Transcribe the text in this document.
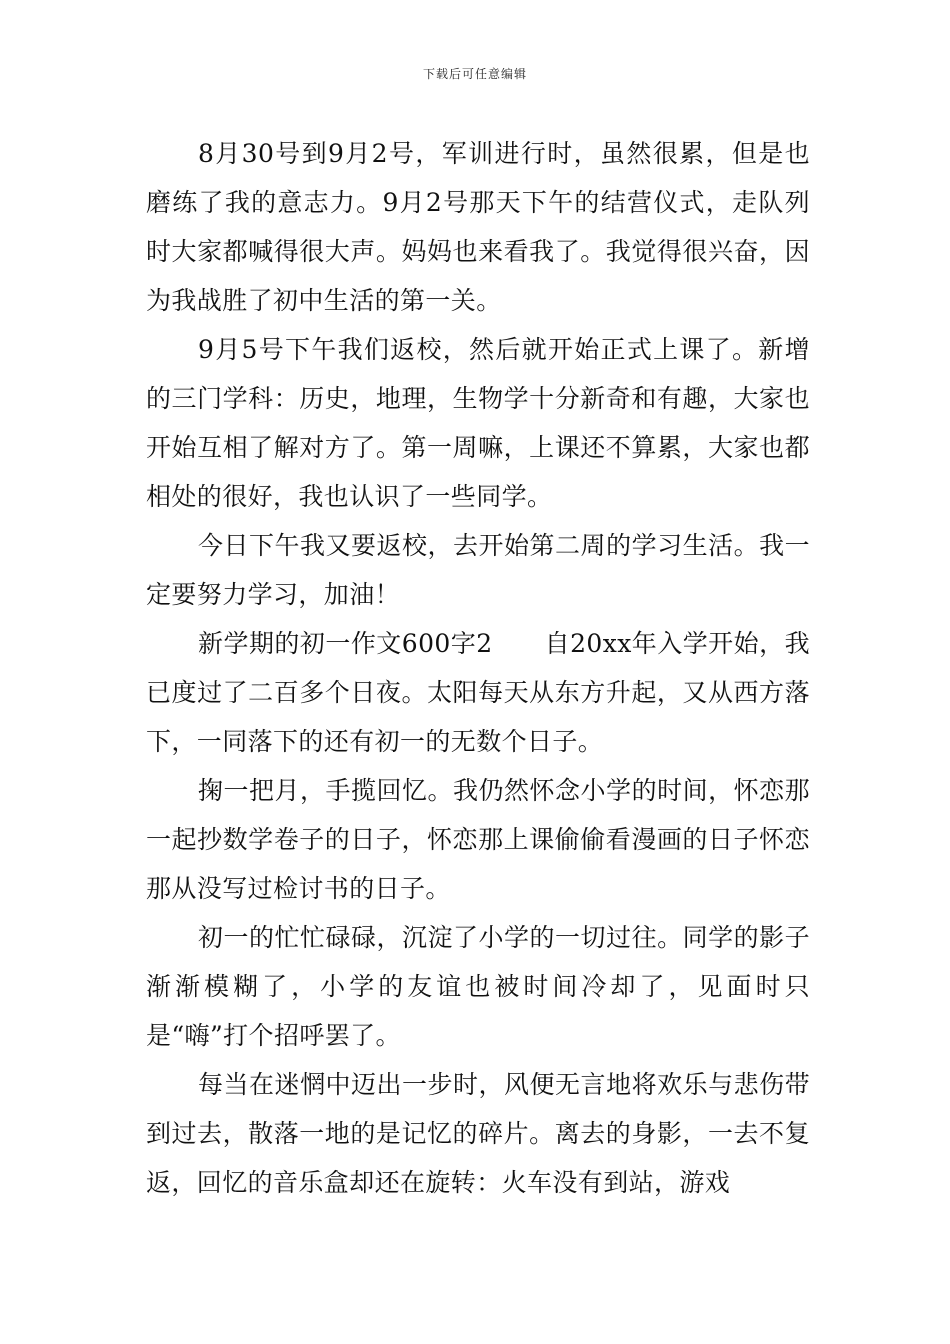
下载后可任意编辑

8月30号到9月2号，军训进行时，虽然很累，但是也磨练了我的意志力。9月2号那天下午的结营仪式，走队列时大家都喊得很大声。妈妈也来看我了。我觉得很兴奋，因为我战胜了初中生活的第一关。

9月5号下午我们返校，然后就开始正式上课了。新增的三门学科：历史，地理，生物学十分新奇和有趣，大家也开始互相了解对方了。第一周嘛，上课还不算累，大家也都相处的很好，我也认识了一些同学。

今日下午我又要返校，去开始第二周的学习生活。我一定要努力学习，加油！

新学期的初一作文600字2 自20xx年入学开始，我已度过了二百多个日夜。太阳每天从东方升起，又从西方落下，一同落下的还有初一的无数个日子。

掬一把月，手揽回忆。我仍然怀念小学的时间，怀恋那一起抄数学卷子的日子，怀恋那上课偷偷看漫画的日子怀恋那从没写过检讨书的日子。

初一的忙忙碌碌，沉淀了小学的一切过往。同学的影子渐渐模糊了，小学的友谊也被时间冷却了，见面时只是“嗨”打个招呼罢了。

每当在迷惘中迈出一步时，风便无言地将欢乐与悲伤带到过去，散落一地的是记忆的碎片。离去的身影，一去不复返，回忆的音乐盒却还在旋转：火车没有到站，游戏
